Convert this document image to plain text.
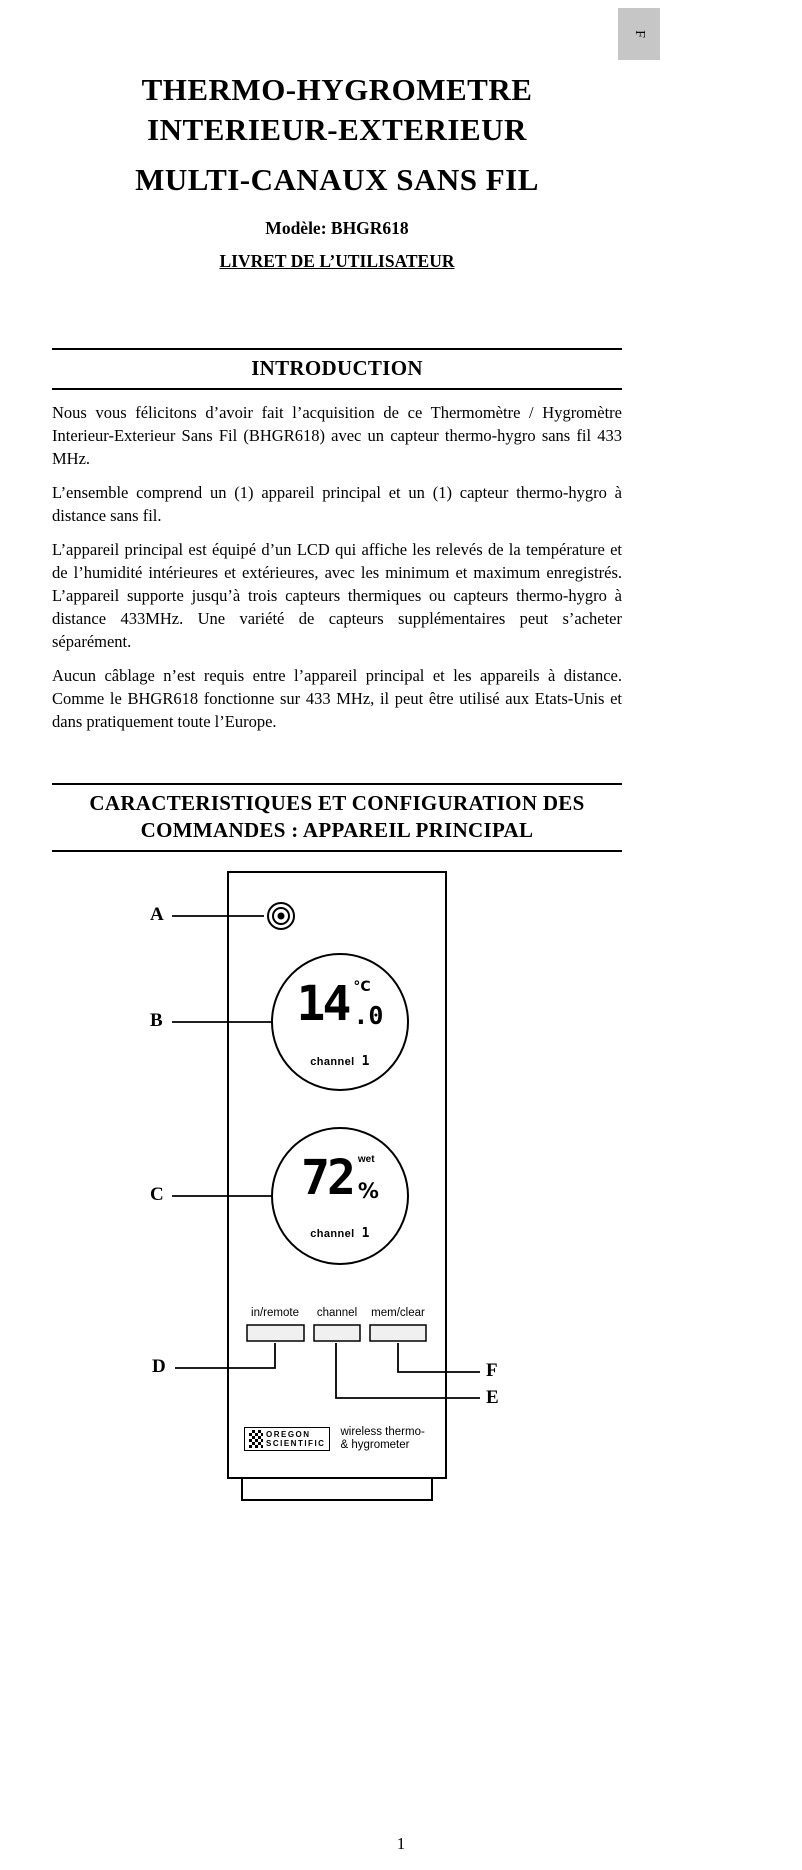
F
THERMO-HYGROMETRE
INTERIEUR-EXTERIEUR
MULTI-CANAUX SANS FIL
Modèle: BHGR618
LIVRET DE L’UTILISATEUR
INTRODUCTION

Nous vous félicitons d’avoir fait l’acquisition de ce Thermomètre / Hygromètre Interieur-Exterieur Sans Fil (BHGR618) avec un capteur thermo-hygro sans fil 433 MHz.

L’ensemble comprend un (1) appareil principal et un (1) capteur thermo-hygro à distance sans fil.

L’appareil principal est équipé d’un LCD qui affiche les relevés de la température et de l’humidité intérieures et extérieures, avec les minimum et maximum enregistrés. L’appareil supporte jusqu’à trois capteurs thermiques ou capteurs thermo-hygro à distance 433MHz. Une variété de capteurs supplémentaires peut s’acheter séparément.

Aucun câblage n’est requis entre l’appareil principal et les appareils à distance. Comme le BHGR618 fonctionne sur 433 MHz, il peut être utilisé aux Etats-Unis et dans pratiquement toute l’Europe.

CARACTERISTIQUES ET CONFIGURATION DES
COMMANDES : APPAREIL PRINCIPAL
A
B
C
D	F
E
14 °C
.0
channel 1
72 wet
%
channel 1
in/remote channel mem/clear
OREGON
SCIENTIFIC
wireless thermo-
& hygrometer
1
